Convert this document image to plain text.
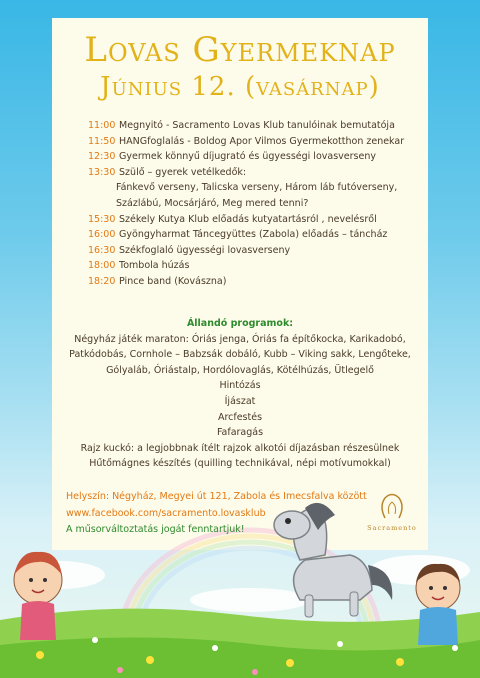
Lovas Gyermeknap
Június 12. (vasárnap)
11:00 Megnyitó - Sacramento Lovas Klub tanulóinak bemutatója
11:50 HANGfoglalás - Boldog Apor Vilmos Gyermekotthon zenekar
12:30 Gyermek könnyű díjugrató és ügyességi lovasverseny
13:30 Szülő – gyerek vetélkedők:
Fánkevő verseny, Talicska verseny, Három láb futóverseny,
Százlábú, Mocsárjáró, Meg mered tenni?
15:30 Székely Kutya Klub előadás kutyatartásról , nevelésről
16:00 Gyöngyharmat Táncegyüttes (Zabola) előadás – táncház
16:30 Székfoglaló ügyességi lovasverseny
18:00 Tombola húzás
18:20 Pince band (Kovászna)
Állandó programok:
Négyház játék maraton: Óriás jenga, Óriás fa építőkocka, Karikadobó,
Patkódobás, Cornhole – Babzsák dobáló, Kubb – Viking sakk, Lengőteke,
Gólyaláb, Óriástalp, Hordólovaglás, Kötélhúzás, Ütlegelő
Hintózás
Íjászat
Arcfestés
Fafaragás
Rajz kuckó: a legjobbnak ítélt rajzok alkotói díjazásban részesülnek
Hűtőmágnes készítés (quilling technikával, népi motívumokkal)
Helyszín: Négyház, Megyei út 121, Zabola és Imecsfalva között
www.facebook.com/sacramento.lovasklub
A műsorváltoztatás jogát fenntartjuk!	Sacramento
